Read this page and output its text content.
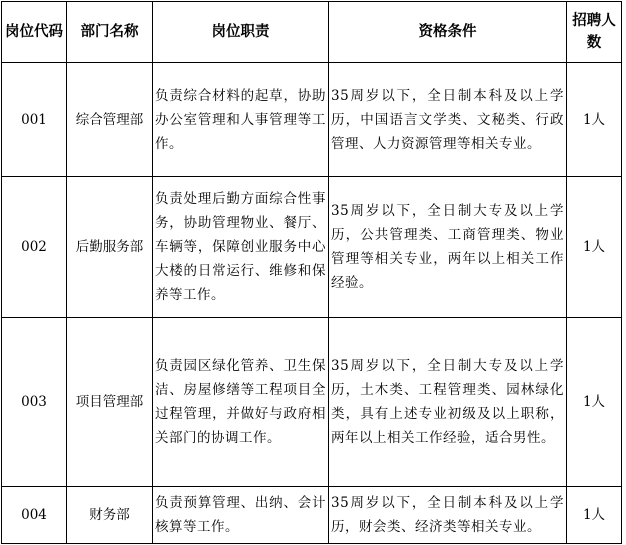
岗位代码	部门名称	岗位职责	资格条件	招聘人数
001	综合管理部	负责综合材料的起草，协助办公室管理和人事管理等工作。	35周岁以下，全日制本科及以上学历，中国语言文学类、文秘类、行政管理、人力资源管理等相关专业。	1人
002	后勤服务部	负责处理后勤方面综合性事务，协助管理物业、餐厅、车辆等，保障创业服务中心大楼的日常运行、维修和保养等工作。	35周岁以下，全日制大专及以上学历，公共管理类、工商管理类、物业管理等相关专业，两年以上相关工作经验。	1人
003	项目管理部	负责园区绿化管养、卫生保洁、房屋修缮等工程项目全过程管理，并做好与政府相关部门的协调工作。	35周岁以下，全日制大专及以上学历，土木类、工程管理类、园林绿化类，具有上述专业初级及以上职称，两年以上相关工作经验，适合男性。	1人
004	财务部	负责预算管理、出纳、会计核算等工作。	35周岁以下，全日制本科及以上学历，财会类、经济类等相关专业。	1人
